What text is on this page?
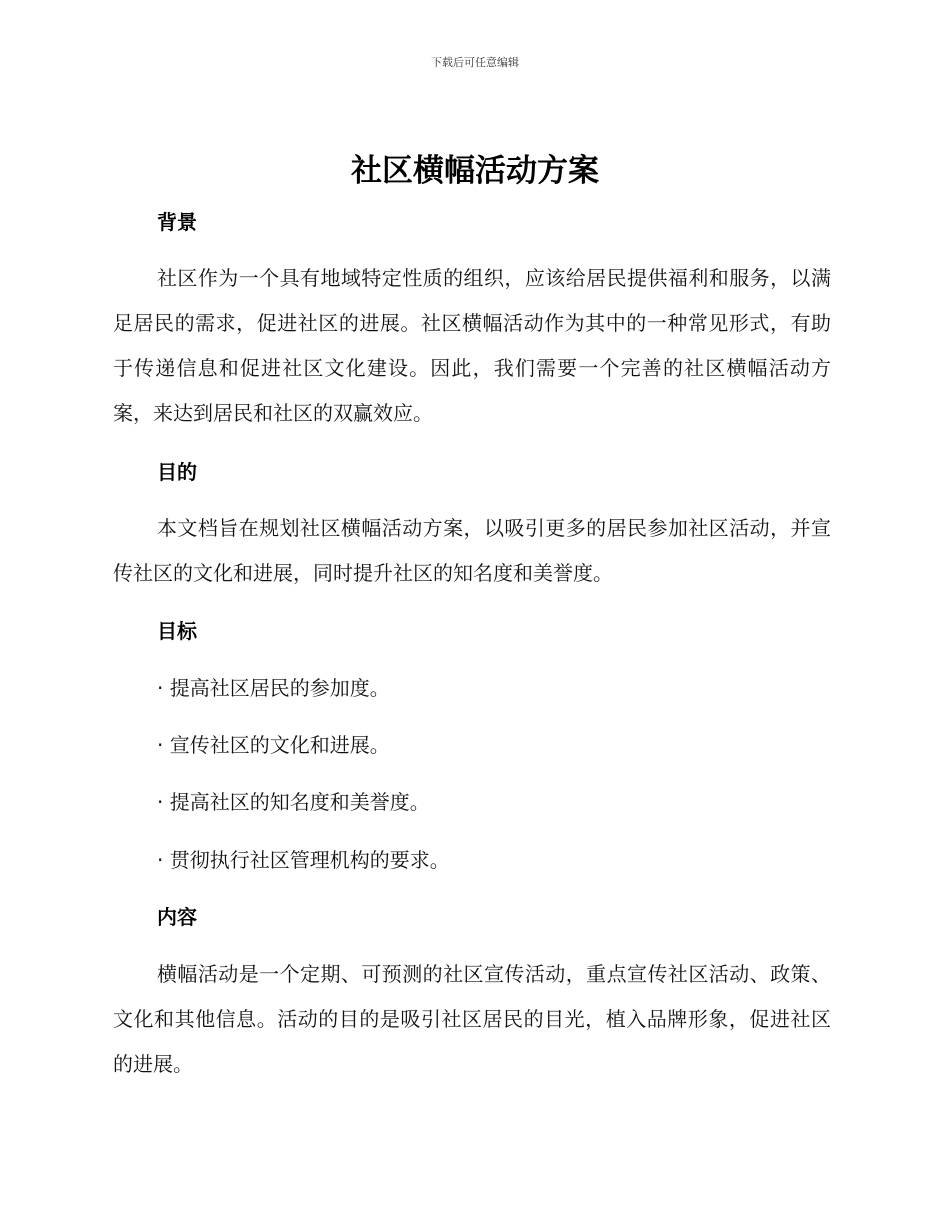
下载后可任意编辑
社区横幅活动方案
背景

社区作为一个具有地域特定性质的组织，应该给居民提供福利和服务，以满足居民的需求，促进社区的进展。社区横幅活动作为其中的一种常见形式，有助于传递信息和促进社区文化建设。因此，我们需要一个完善的社区横幅活动方案，来达到居民和社区的双赢效应。

目的

本文档旨在规划社区横幅活动方案，以吸引更多的居民参加社区活动，并宣传社区的文化和进展，同时提升社区的知名度和美誉度。

目标

· 提高社区居民的参加度。

· 宣传社区的文化和进展。

· 提高社区的知名度和美誉度。

· 贯彻执行社区管理机构的要求。

内容

横幅活动是一个定期、可预测的社区宣传活动，重点宣传社区活动、政策、文化和其他信息。活动的目的是吸引社区居民的目光，植入品牌形象，促进社区的进展。
